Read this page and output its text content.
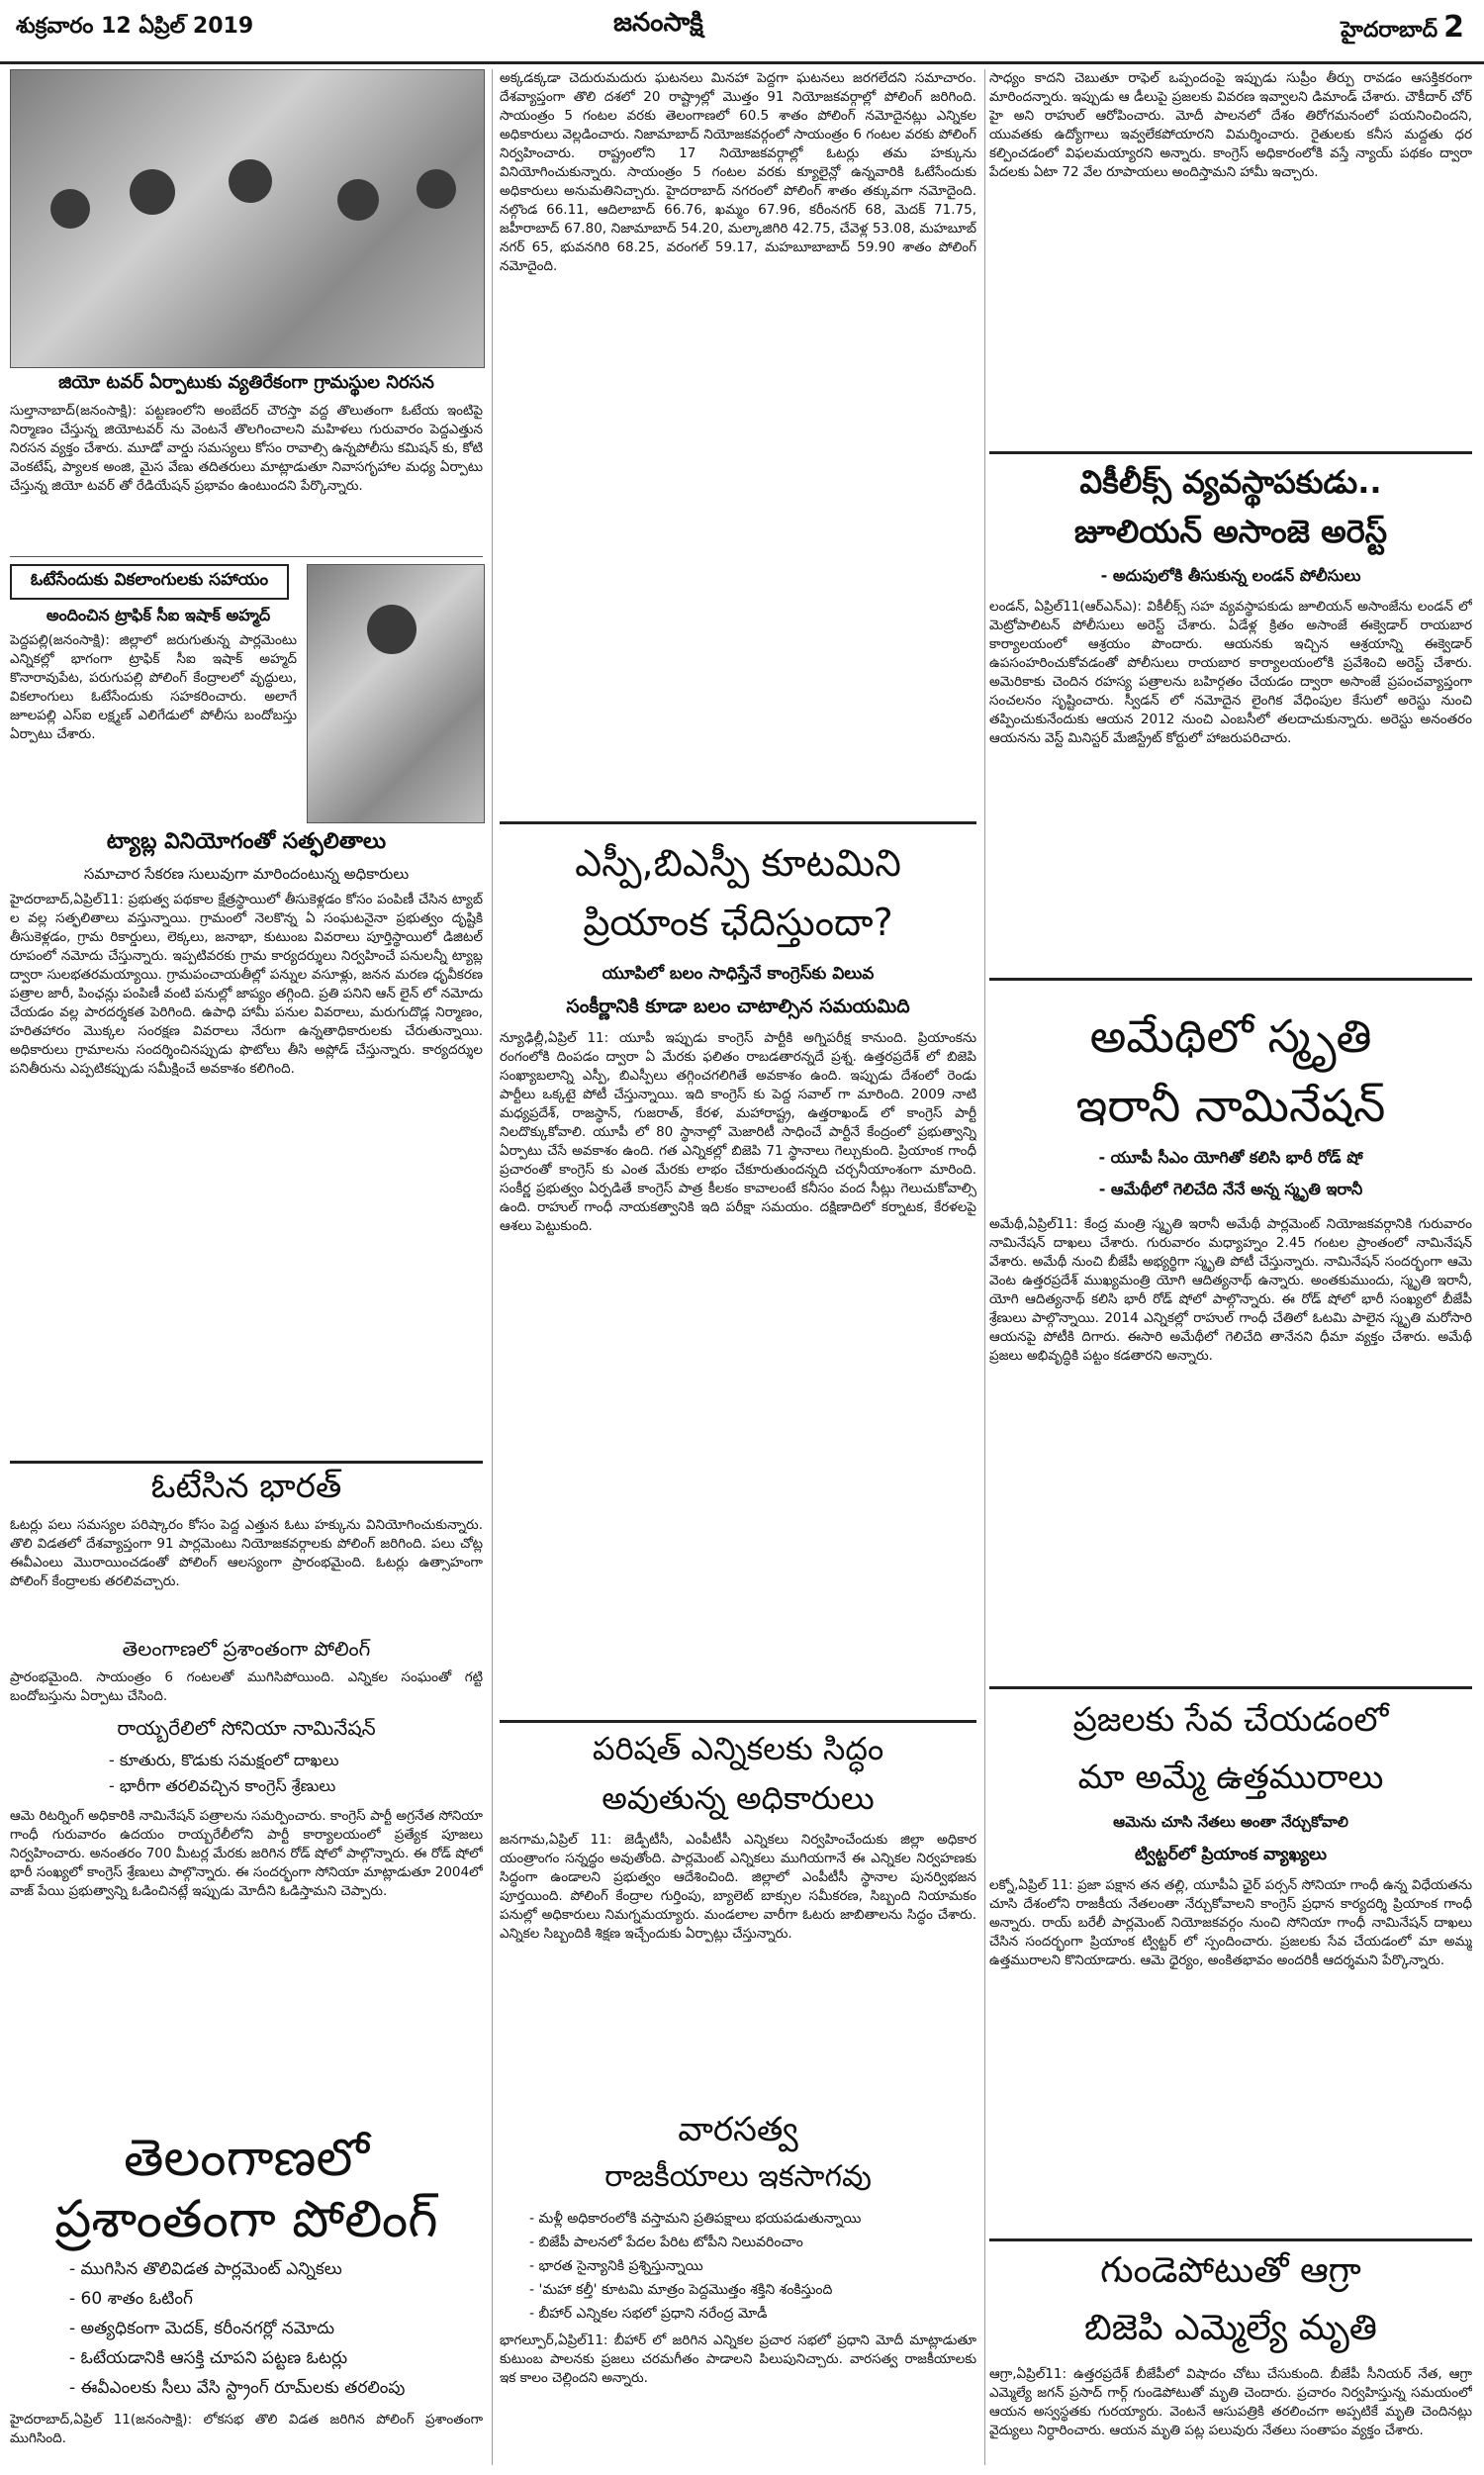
శుక్రవారం 12 ఏప్రిల్ 2019	జనంసాక్షి	హైదరాబాద్ 2
జియో టవర్ ఏర్పాటుకు వ్యతిరేకంగా గ్రామస్థుల నిరసన
సుల్తానాబాద్(జనంసాక్షి): పట్టణంలోని అంబేదర్ చౌరస్తా వద్ద తొలుతంగా ఓటేయ ఇంటిపై నిర్మాణం చేస్తున్న జియోటవర్ ను వెంటనే తొలగించాలని మహిళలు గురువారం పెద్దఎత్తున నిరసన వ్యక్తం చేశారు. మూడో వార్డు సమస్యలు కోసం రావాల్సి ఉన్నపోలీసు కమిషన్ కు, కోటి వెంకటేష్, ప్యాలక అంజి, మైస వేణు తదితరులు మాట్లాడుతూ నివాసగృహాల మధ్య ఏర్పాటు చేస్తున్న జియో టవర్ తో రేడియేషన్ ప్రభావం ఉంటుందని పేర్కొన్నారు.
ఓటేసేందుకు వికలాంగులకు సహాయం
అందించిన ట్రాఫిక్ సీఐ ఇషాక్ అహ్మద్
పెద్దపల్లి(జనంసాక్షి): జిల్లాలో జరుగుతున్న పార్లమెంటు ఎన్నికల్లో భాగంగా ట్రాఫిక్ సీఐ ఇషాక్ అహ్మద్ కొనారావుపేట, పరుగుపల్లి పోలింగ్ కేంద్రాలలో వృద్ధులు, వికలాంగులు ఓటేసేందుకు సహకరించారు. అలాగే జూలపల్లి ఎస్ఐ లక్ష్మణ్ ఎలిగేడులో పోలీసు బందోబస్తు ఏర్పాటు చేశారు.
ట్యాబ్ల వినియోగంతో సత్ఫలితాలు
సమాచార సేకరణ సులువుగా మారిందంటున్న అధికారులు
హైదరాబాద్,ఏప్రిల్11: ప్రభుత్వ పథకాల క్షేత్రస్థాయిలో తీసుకెళ్లడం కోసం పంపిణీ చేసిన ట్యాబ్ ల వల్ల సత్ఫలితాలు వస్తున్నాయి. గ్రామంలో నెలకొన్న ఏ సంఘటనైనా ప్రభుత్వం దృష్టికి తీసుకెళ్లడం, గ్రామ రికార్డులు, లెక్కలు, జనాభా, కుటుంబ వివరాలు పూర్తిస్థాయిలో డిజిటల్ రూపంలో నమోదు చేస్తున్నారు. ఇప్పటివరకు గ్రామ కార్యదర్శులు నిర్వహించే పనులన్నీ ట్యాబ్ల ద్వారా సులభతరమయ్యాయి. గ్రామపంచాయతీల్లో పన్నుల వసూళ్లు, జనన మరణ ధృవీకరణ పత్రాల జారీ, పింఛన్లు పంపిణీ వంటి పనుల్లో జాప్యం తగ్గింది. ప్రతి పనిని ఆన్ లైన్ లో నమోదు చేయడం వల్ల పారదర్శకత పెరిగింది. ఉపాధి హామీ పనుల వివరాలు, మరుగుదొడ్ల నిర్మాణం, హరితహారం మొక్కల సంరక్షణ వివరాలు నేరుగా ఉన్నతాధికారులకు చేరుతున్నాయి. అధికారులు గ్రామాలను సందర్శించినప్పుడు ఫొటోలు తీసి అప్లోడ్ చేస్తున్నారు. కార్యదర్శుల పనితీరును ఎప్పటికప్పుడు సమీక్షించే అవకాశం కలిగింది.
ఓటేసిన భారత్
ఓటర్లు పలు సమస్యల పరిష్కారం కోసం పెద్ద ఎత్తున ఓటు హక్కును వినియోగించుకున్నారు. తొలి విడతలో దేశవ్యాప్తంగా 91 పార్లమెంటు నియోజకవర్గాలకు పోలింగ్ జరిగింది. పలు చోట్ల ఈవీఎంలు మొరాయించడంతో పోలింగ్ ఆలస్యంగా ప్రారంభమైంది. ఓటర్లు ఉత్సాహంగా పోలింగ్ కేంద్రాలకు తరలివచ్చారు.
తెలంగాణలో ప్రశాంతంగా పోలింగ్
ప్రారంభమైంది. సాయంత్రం 6 గంటలతో ముగిసిపోయింది. ఎన్నికల సంఘంతో గట్టి బందోబస్తును ఏర్పాటు చేసింది.
రాయ్బరేలిలో సోనియా నామినేషన్
- కూతురు, కొడుకు సమక్షంలో దాఖలు
- భారీగా తరలివచ్చిన కాంగ్రెస్ శ్రేణులు
ఆమె రిటర్నింగ్ అధికారికి నామినేషన్ పత్రాలను సమర్పించారు. కాంగ్రెస్ పార్టీ అగ్రనేత సోనియా గాంధీ గురువారం ఉదయం రాయ్బరేలీలోని పార్టీ కార్యాలయంలో ప్రత్యేక పూజలు నిర్వహించారు. అనంతరం 700 మీటర్ల మేరకు జరిగిన రోడ్ షోలో పాల్గొన్నారు. ఈ రోడ్ షోలో భారీ సంఖ్యలో కాంగ్రెస్ శ్రేణులు పాల్గొన్నారు. ఈ సందర్భంగా సోనియా మాట్లాడుతూ 2004లో వాజ్ పేయి ప్రభుత్వాన్ని ఓడించినట్లే ఇప్పుడు మోదీని ఓడిస్తామని చెప్పారు.
తెలంగాణలో ప్రశాంతంగా పోలింగ్
- ముగిసిన తొలివిడత పార్లమెంట్ ఎన్నికలు
- 60 శాతం ఓటింగ్
- అత్యధికంగా మెదక్, కరీంనగర్లో నమోదు
- ఓటేయడానికి ఆసక్తి చూపని పట్టణ ఓటర్లు
- ఈవీఎంలకు సీలు వేసి స్ట్రాంగ్ రూమ్‌లకు తరలింపు
హైదరాబాద్,ఏప్రిల్ 11(జనంసాక్షి): లోకసభ తొలి విడత జరిగిన పోలింగ్ ప్రశాంతంగా ముగిసింది.
అక్కడక్కడా చెదురుమదురు ఘటనలు మినహా పెద్దగా ఘటనలు జరగలేదని సమాచారం. దేశవ్యాప్తంగా తొలి దశలో 20 రాష్ట్రాల్లో మొత్తం 91 నియోజకవర్గాల్లో పోలింగ్ జరిగింది. సాయంత్రం 5 గంటల వరకు తెలంగాణలో 60.5 శాతం పోలింగ్ నమోదైనట్లు ఎన్నికల అధికారులు వెల్లడించారు. నిజామాబాద్ నియోజకవర్గంలో సాయంత్రం 6 గంటల వరకు పోలింగ్ నిర్వహించారు. రాష్ట్రంలోని 17 నియోజకవర్గాల్లో ఓటర్లు తమ హక్కును వినియోగించుకున్నారు. సాయంత్రం 5 గంటల వరకు క్యూలైన్లో ఉన్నవారికి ఓటేసేందుకు అధికారులు అనుమతినిచ్చారు. హైదరాబాద్ నగరంలో పోలింగ్ శాతం తక్కువగా నమోదైంది. నల్గొండ 66.11, ఆదిలాబాద్ 66.76, ఖమ్మం 67.96, కరీంనగర్ 68, మెదక్ 71.75, జహీరాబాద్ 67.80, నిజామాబాద్ 54.20, మల్కాజిగిరి 42.75, చేవెళ్ల 53.08, మహబూబ్ నగర్ 65, భువనగిరి 68.25, వరంగల్ 59.17, మహబూబాబాద్ 59.90 శాతం పోలింగ్ నమోదైంది.
ఎస్పీ,బిఎస్పీ కూటమిని
ప్రియాంక ఛేదిస్తుందా?
యూపిలో బలం సాధిస్తేనే కాంగ్రెస్‌కు విలువ
సంకీర్ణానికి కూడా బలం చాటాల్సిన సమయమిది
న్యూఢిల్లీ,ఏప్రిల్ 11: యూపీ ఇప్పుడు కాంగ్రెస్ పార్టీకి అగ్నిపరీక్ష కానుంది. ప్రియాంకను రంగంలోకి దింపడం ద్వారా ఏ మేరకు ఫలితం రాబడతారన్నదే ప్రశ్న. ఉత్తరప్రదేశ్ లో బిజెపి సంఖ్యాబలాన్ని ఎస్పీ, బిఎస్పీలు తగ్గించగలిగితే అవకాశం ఉంది. ఇప్పుడు దేశంలో రెండు పార్టీలు ఒక్కటై పోటీ చేస్తున్నాయి. ఇది కాంగ్రెస్ కు పెద్ద సవాల్ గా మారింది. 2009 నాటి మధ్యప్రదేశ్, రాజస్థాన్, గుజరాత్, కేరళ, మహారాష్ట్ర, ఉత్తరాఖండ్ లో కాంగ్రెస్ పార్టీ నిలదొక్కుకోవాలి. యూపీ లో 80 స్థానాల్లో మెజారిటీ సాధించే పార్టీనే కేంద్రంలో ప్రభుత్వాన్ని ఏర్పాటు చేసే అవకాశం ఉంది. గత ఎన్నికల్లో బిజెపి 71 స్థానాలు గెల్చుకుంది. ప్రియాంక గాంధీ ప్రచారంతో కాంగ్రెస్ కు ఎంత మేరకు లాభం చేకూరుతుందన్నది చర్చనీయాంశంగా మారింది. సంకీర్ణ ప్రభుత్వం ఏర్పడితే కాంగ్రెస్ పాత్ర కీలకం కావాలంటే కనీసం వంద సీట్లు గెలుచుకోవాల్సి ఉంది. రాహుల్ గాంధీ నాయకత్వానికి ఇది పరీక్షా సమయం. దక్షిణాదిలో కర్నాటక, కేరళలపై ఆశలు పెట్టుకుంది.
పరిషత్ ఎన్నికలకు సిద్ధం
అవుతున్న అధికారులు
జనగామ,ఏప్రిల్ 11: జెడ్పీటీసీ, ఎంపీటీసీ ఎన్నికలు నిర్వహించేందుకు జిల్లా అధికార యంత్రాంగం సన్నద్ధం అవుతోంది. పార్లమెంట్ ఎన్నికలు ముగియగానే ఈ ఎన్నికల నిర్వహణకు సిద్ధంగా ఉండాలని ప్రభుత్వం ఆదేశించింది. జిల్లాలో ఎంపీటీసీ స్థానాల పునర్విభజన పూర్తయింది. పోలింగ్ కేంద్రాల గుర్తింపు, బ్యాలెట్ బాక్సుల సమీకరణ, సిబ్బంది నియామకం పనుల్లో అధికారులు నిమగ్నమయ్యారు. మండలాల వారీగా ఓటరు జాబితాలను సిద్ధం చేశారు. ఎన్నికల సిబ్బందికి శిక్షణ ఇచ్చేందుకు ఏర్పాట్లు చేస్తున్నారు.
వారసత్వ
రాజకీయాలు ఇకసాగవు
- మళ్లీ అధికారంలోకి వస్తామని ప్రతిపక్షాలు భయపడుతున్నాయి
- బిజేపీ పాలనలో పేదల పేరిట టోపీని నిలువరించాం
- భారత సైన్యానికి ప్రశ్నిస్తున్నాయి
- 'మహా కల్తీ' కూటమి మాత్రం పెద్దమొత్తం శక్తిని శంకిస్తుంది
- బీహార్ ఎన్నికల సభలో ప్రధాని నరేంద్ర మోడీ
భాగల్పూర్,ఏప్రిల్11: బీహార్ లో జరిగిన ఎన్నికల ప్రచార సభలో ప్రధాని మోదీ మాట్లాడుతూ కుటుంబ పాలనకు ప్రజలు చరమగీతం పాడాలని పిలుపునిచ్చారు. వారసత్వ రాజకీయాలకు ఇక కాలం చెల్లిందని అన్నారు.
సాధ్యం కాదని చెబుతూ రాఫెల్ ఒప్పందంపై ఇప్పుడు సుప్రీం తీర్పు రావడం ఆసక్తికరంగా మారిందన్నారు. ఇప్పుడు ఆ డీలుపై ప్రజలకు వివరణ ఇవ్వాలని డిమాండ్ చేశారు. చౌకీదార్ చోర్ హై అని రాహుల్ ఆరోపించారు. మోదీ పాలనలో దేశం తిరోగమనంలో పయనించిందని, యువతకు ఉద్యోగాలు ఇవ్వలేకపోయారని విమర్శించారు. రైతులకు కనీస మద్దతు ధర కల్పించడంలో విఫలమయ్యారని అన్నారు. కాంగ్రెస్ అధికారంలోకి వస్తే న్యాయ్ పథకం ద్వారా పేదలకు ఏటా 72 వేల రూపాయలు అందిస్తామని హామీ ఇచ్చారు.
వికీలీక్స్ వ్యవస్థాపకుడు..
జూలియన్ అసాంజె అరెస్ట్
- అదుపులోకి తీసుకున్న లండన్ పోలీసులు
లండన్, ఏప్రిల్11(ఆర్ఎన్ఎ): వికీలీక్స్ సహ వ్యవస్థాపకుడు జూలియన్ అసాంజేను లండన్ లో మెట్రోపాలిటన్ పోలీసులు అరెస్ట్ చేశారు. ఏడేళ్ల క్రితం అసాంజే ఈక్వెడార్ రాయబార కార్యాలయంలో ఆశ్రయం పొందారు. ఆయనకు ఇచ్చిన ఆశ్రయాన్ని ఈక్వెడార్ ఉపసంహరించుకోవడంతో పోలీసులు రాయబార కార్యాలయంలోకి ప్రవేశించి అరెస్ట్ చేశారు. అమెరికాకు చెందిన రహస్య పత్రాలను బహిర్గతం చేయడం ద్వారా అసాంజే ప్రపంచవ్యాప్తంగా సంచలనం సృష్టించారు. స్వీడన్ లో నమోదైన లైంగిక వేధింపుల కేసులో అరెస్టు నుంచి తప్పించుకునేందుకు ఆయన 2012 నుంచి ఎంబసీలో తలదాచుకున్నారు. అరెస్టు అనంతరం ఆయనను వెస్ట్ మినిస్టర్ మేజిస్ట్రేట్ కోర్టులో హాజరుపరిచారు.
అమేథిలో స్మృతి
ఇరానీ నామినేషన్
- యూపీ సీఎం యోగితో కలిసి భారీ రోడ్ షో
- ఆమేథీలో గెలిచేది నేనే అన్న స్మృతి ఇరానీ
అమేథీ,ఏప్రిల్11: కేంద్ర మంత్రి స్మృతి ఇరానీ అమేథీ పార్లమెంట్ నియోజకవర్గానికి గురువారం నామినేషన్ దాఖలు చేశారు. గురువారం మధ్యాహ్నం 2.45 గంటల ప్రాంతంలో నామినేషన్ వేశారు. అమేథీ నుంచి బీజేపీ అభ్యర్థిగా స్మృతి పోటీ చేస్తున్నారు. నామినేషన్ సందర్భంగా ఆమె వెంట ఉత్తరప్రదేశ్ ముఖ్యమంత్రి యోగి ఆదిత్యనాథ్ ఉన్నారు. అంతకుముందు, స్మృతి ఇరానీ, యోగి ఆదిత్యనాథ్ కలిసి భారీ రోడ్ షోలో పాల్గొన్నారు. ఈ రోడ్ షోలో భారీ సంఖ్యలో బీజేపీ శ్రేణులు పాల్గొన్నాయి. 2014 ఎన్నికల్లో రాహుల్ గాంధీ చేతిలో ఓటమి పాలైన స్మృతి మరోసారి ఆయనపై పోటీకి దిగారు. ఈసారి అమేథీలో గెలిచేది తానేనని ధీమా వ్యక్తం చేశారు. అమేథీ ప్రజలు అభివృద్ధికి పట్టం కడతారని అన్నారు.
ప్రజలకు సేవ చేయడంలో
మా అమ్మే ఉత్తమురాలు
ఆమెను చూసి నేతలు అంతా నేర్చుకోవాలి
ట్విట్టర్‌లో ప్రియాంక వ్యాఖ్యలు
లక్నో,ఏప్రిల్ 11: ప్రజా పక్షాన తన తల్లి, యూపీఏ ఛైర్ పర్సన్ సోనియా గాంధీ ఉన్న విధేయతను చూసి దేశంలోని రాజకీయ నేతలంతా నేర్చుకోవాలని కాంగ్రెస్ ప్రధాన కార్యదర్శి ప్రియాంక గాంధీ అన్నారు. రాయ్ బరేలీ పార్లమెంట్ నియోజకవర్గం నుంచి సోనియా గాంధీ నామినేషన్ దాఖలు చేసిన సందర్భంగా ప్రియాంక ట్విట్టర్ లో స్పందించారు. ప్రజలకు సేవ చేయడంలో మా అమ్మ ఉత్తమురాలని కొనియాడారు. ఆమె ధైర్యం, అంకితభావం అందరికీ ఆదర్శమని పేర్కొన్నారు.
గుండెపోటుతో ఆగ్రా
బిజెపి ఎమ్మెల్యే మృతి
ఆగ్రా,ఏప్రిల్11: ఉత్తరప్రదేశ్ బీజేపీలో విషాదం చోటు చేసుకుంది. బీజేపీ సీనియర్ నేత, ఆగ్రా ఎమ్మెల్యే జగన్ ప్రసాద్ గార్గ్ గుండెపోటుతో మృతి చెందారు. ప్రచారం నిర్వహిస్తున్న సమయంలో ఆయన అస్వస్థతకు గురయ్యారు. వెంటనే ఆసుపత్రికి తరలించగా అప్పటికే మృతి చెందినట్లు వైద్యులు నిర్ధారించారు. ఆయన మృతి పట్ల పలువురు నేతలు సంతాపం వ్యక్తం చేశారు.
